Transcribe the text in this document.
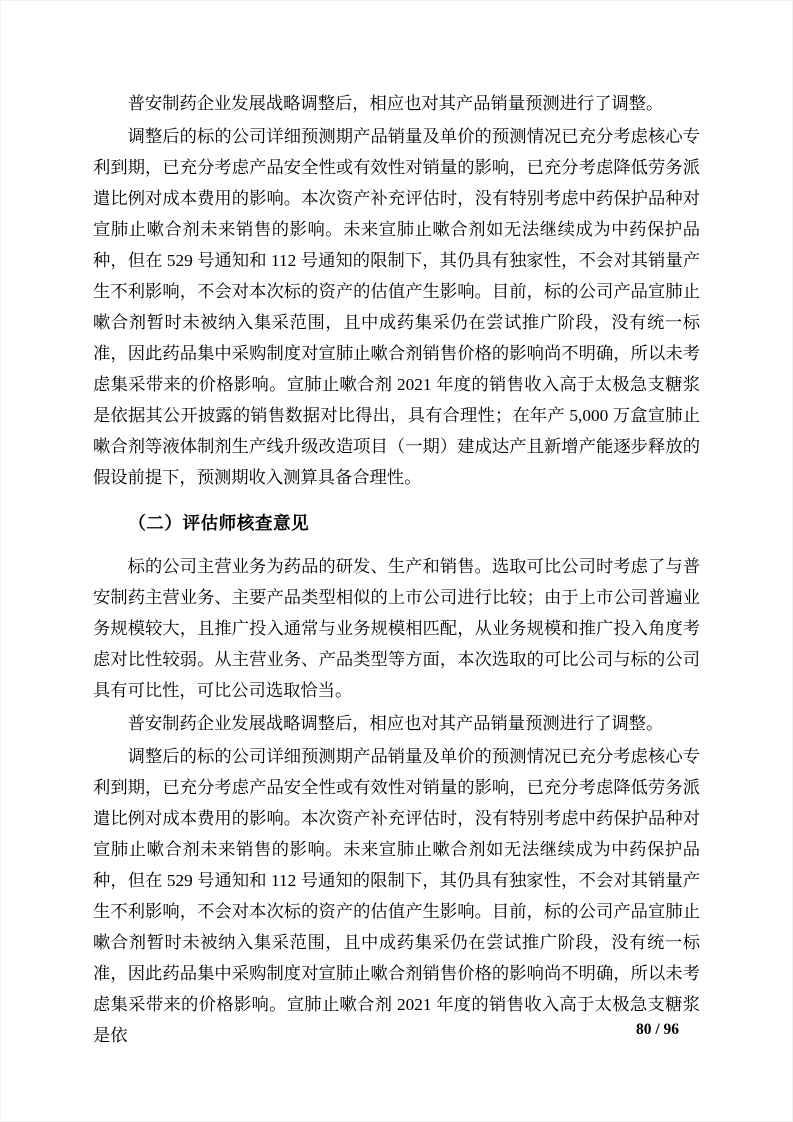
普安制药企业发展战略调整后，相应也对其产品销量预测进行了调整。

调整后的标的公司详细预测期产品销量及单价的预测情况已充分考虑核心专利到期，已充分考虑产品安全性或有效性对销量的影响，已充分考虑降低劳务派遣比例对成本费用的影响。本次资产补充评估时，没有特别考虑中药保护品种对宣肺止嗽合剂未来销售的影响。未来宣肺止嗽合剂如无法继续成为中药保护品种，但在 529 号通知和 112 号通知的限制下，其仍具有独家性，不会对其销量产生不利影响，不会对本次标的资产的估值产生影响。目前，标的公司产品宣肺止嗽合剂暂时未被纳入集采范围，且中成药集采仍在尝试推广阶段，没有统一标准，因此药品集中采购制度对宣肺止嗽合剂销售价格的影响尚不明确，所以未考虑集采带来的价格影响。宣肺止嗽合剂 2021 年度的销售收入高于太极急支糖浆是依据其公开披露的销售数据对比得出，具有合理性；在年产 5,000 万盒宣肺止嗽合剂等液体制剂生产线升级改造项目（一期）建成达产且新增产能逐步释放的假设前提下，预测期收入测算具备合理性。

（二）评估师核查意见

标的公司主营业务为药品的研发、生产和销售。选取可比公司时考虑了与普安制药主营业务、主要产品类型相似的上市公司进行比较；由于上市公司普遍业务规模较大，且推广投入通常与业务规模相匹配，从业务规模和推广投入角度考虑对比性较弱。从主营业务、产品类型等方面，本次选取的可比公司与标的公司具有可比性，可比公司选取恰当。

普安制药企业发展战略调整后，相应也对其产品销量预测进行了调整。

调整后的标的公司详细预测期产品销量及单价的预测情况已充分考虑核心专利到期，已充分考虑产品安全性或有效性对销量的影响，已充分考虑降低劳务派遣比例对成本费用的影响。本次资产补充评估时，没有特别考虑中药保护品种对宣肺止嗽合剂未来销售的影响。未来宣肺止嗽合剂如无法继续成为中药保护品种，但在 529 号通知和 112 号通知的限制下，其仍具有独家性，不会对其销量产生不利影响，不会对本次标的资产的估值产生影响。目前，标的公司产品宣肺止嗽合剂暂时未被纳入集采范围，且中成药集采仍在尝试推广阶段，没有统一标准，因此药品集中采购制度对宣肺止嗽合剂销售价格的影响尚不明确，所以未考虑集采带来的价格影响。宣肺止嗽合剂 2021 年度的销售收入高于太极急支糖浆是依	80 / 96
